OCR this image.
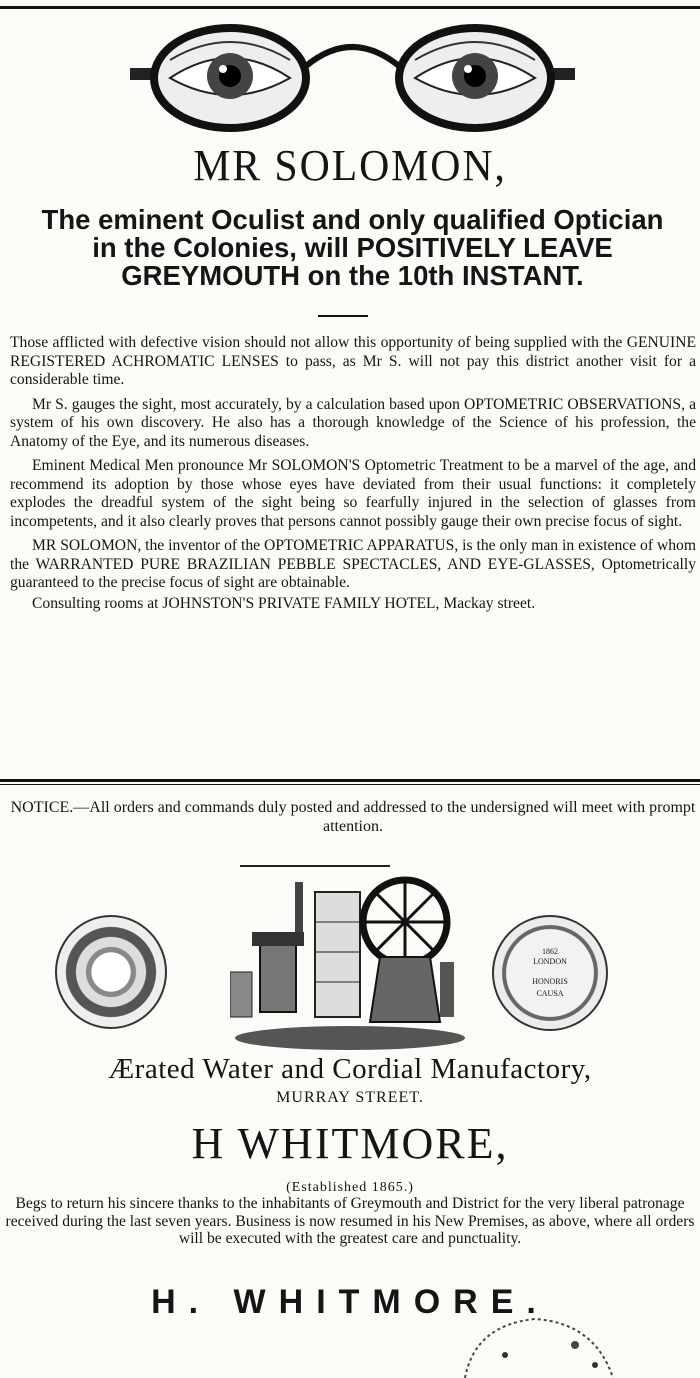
MR SOLOMON,
The eminent Oculist and only qualified Optician
in the Colonies, will POSITIVELY LEAVE
GREYMOUTH on the 10th INSTANT.

Those afflicted with defective vision should not allow this opportunity of being supplied with the GENUINE REGISTERED ACHROMATIC LENSES to pass, as Mr S. will not pay this district another visit for a considerable time.

Mr S. gauges the sight, most accurately, by a calculation based upon OPTOMETRIC OBSERVATIONS, a system of his own discovery. He also has a thorough knowledge of the Science of his profession, the Anatomy of the Eye, and its numerous diseases.

Eminent Medical Men pronounce Mr SOLOMON'S Optometric Treatment to be a marvel of the age, and recommend its adoption by those whose eyes have deviated from their usual functions: it completely explodes the dreadful system of the sight being so fearfully injured in the selection of glasses from incompetents, and it also clearly proves that persons cannot possibly gauge their own precise focus of sight.

MR SOLOMON, the inventor of the OPTOMETRIC APPARATUS, is the only man in existence of whom the WARRANTED PURE BRAZILIAN PEBBLE SPECTACLES, AND EYE-GLASSES, Optometrically guaranteed to the precise focus of sight are obtainable.

Consulting rooms at JOHNSTON'S PRIVATE FAMILY HOTEL, Mackay street.

NOTICE.—All orders and commands duly posted and addressed to the undersigned will meet with prompt attention.
1862
LONDON
HONORIS
CAUSA
Ærated Water and Cordial Manufactory,
MURRAY STREET.
H WHITMORE,
(Established 1865.)
Begs to return his sincere thanks to the inhabitants of Greymouth and District for the very liberal patronage received during the last seven years. Business is now resumed in his New Premises, as above, where all orders will be executed with the greatest care and punctuality.
H. WHITMORE.
